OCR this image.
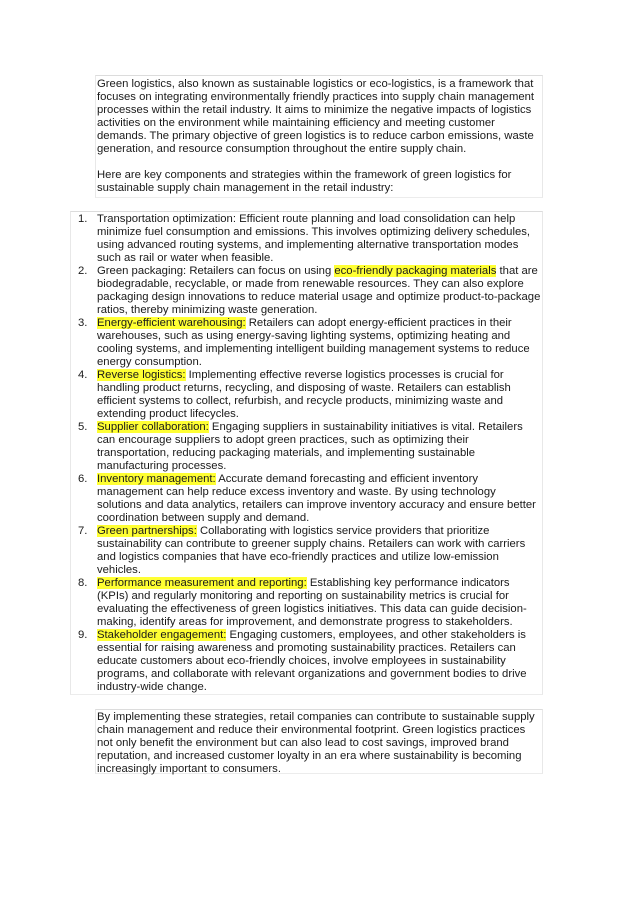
Green logistics, also known as sustainable logistics or eco-logistics, is a framework that focuses on integrating environmentally friendly practices into supply chain management processes within the retail industry. It aims to minimize the negative impacts of logistics activities on the environment while maintaining efficiency and meeting customer demands. The primary objective of green logistics is to reduce carbon emissions, waste generation, and resource consumption throughout the entire supply chain.

Here are key components and strategies within the framework of green logistics for sustainable supply chain management in the retail industry:

1. Transportation optimization: Efficient route planning and load consolidation can help minimize fuel consumption and emissions. This involves optimizing delivery schedules, using advanced routing systems, and implementing alternative transportation modes such as rail or water when feasible.
2. Green packaging: Retailers can focus on using eco-friendly packaging materials that are biodegradable, recyclable, or made from renewable resources. They can also explore packaging design innovations to reduce material usage and optimize product-to-package ratios, thereby minimizing waste generation.
3. Energy-efficient warehousing: Retailers can adopt energy-efficient practices in their warehouses, such as using energy-saving lighting systems, optimizing heating and cooling systems, and implementing intelligent building management systems to reduce energy consumption.
4. Reverse logistics: Implementing effective reverse logistics processes is crucial for handling product returns, recycling, and disposing of waste. Retailers can establish efficient systems to collect, refurbish, and recycle products, minimizing waste and extending product lifecycles.
5. Supplier collaboration: Engaging suppliers in sustainability initiatives is vital. Retailers can encourage suppliers to adopt green practices, such as optimizing their transportation, reducing packaging materials, and implementing sustainable manufacturing processes.
6. Inventory management: Accurate demand forecasting and efficient inventory management can help reduce excess inventory and waste. By using technology solutions and data analytics, retailers can improve inventory accuracy and ensure better coordination between supply and demand.
7. Green partnerships: Collaborating with logistics service providers that prioritize sustainability can contribute to greener supply chains. Retailers can work with carriers and logistics companies that have eco-friendly practices and utilize low-emission vehicles.
8. Performance measurement and reporting: Establishing key performance indicators (KPIs) and regularly monitoring and reporting on sustainability metrics is crucial for evaluating the effectiveness of green logistics initiatives. This data can guide decision-making, identify areas for improvement, and demonstrate progress to stakeholders.
9. Stakeholder engagement: Engaging customers, employees, and other stakeholders is essential for raising awareness and promoting sustainability practices. Retailers can educate customers about eco-friendly choices, involve employees in sustainability programs, and collaborate with relevant organizations and government bodies to drive industry-wide change.

By implementing these strategies, retail companies can contribute to sustainable supply chain management and reduce their environmental footprint. Green logistics practices not only benefit the environment but can also lead to cost savings, improved brand reputation, and increased customer loyalty in an era where sustainability is becoming increasingly important to consumers.
